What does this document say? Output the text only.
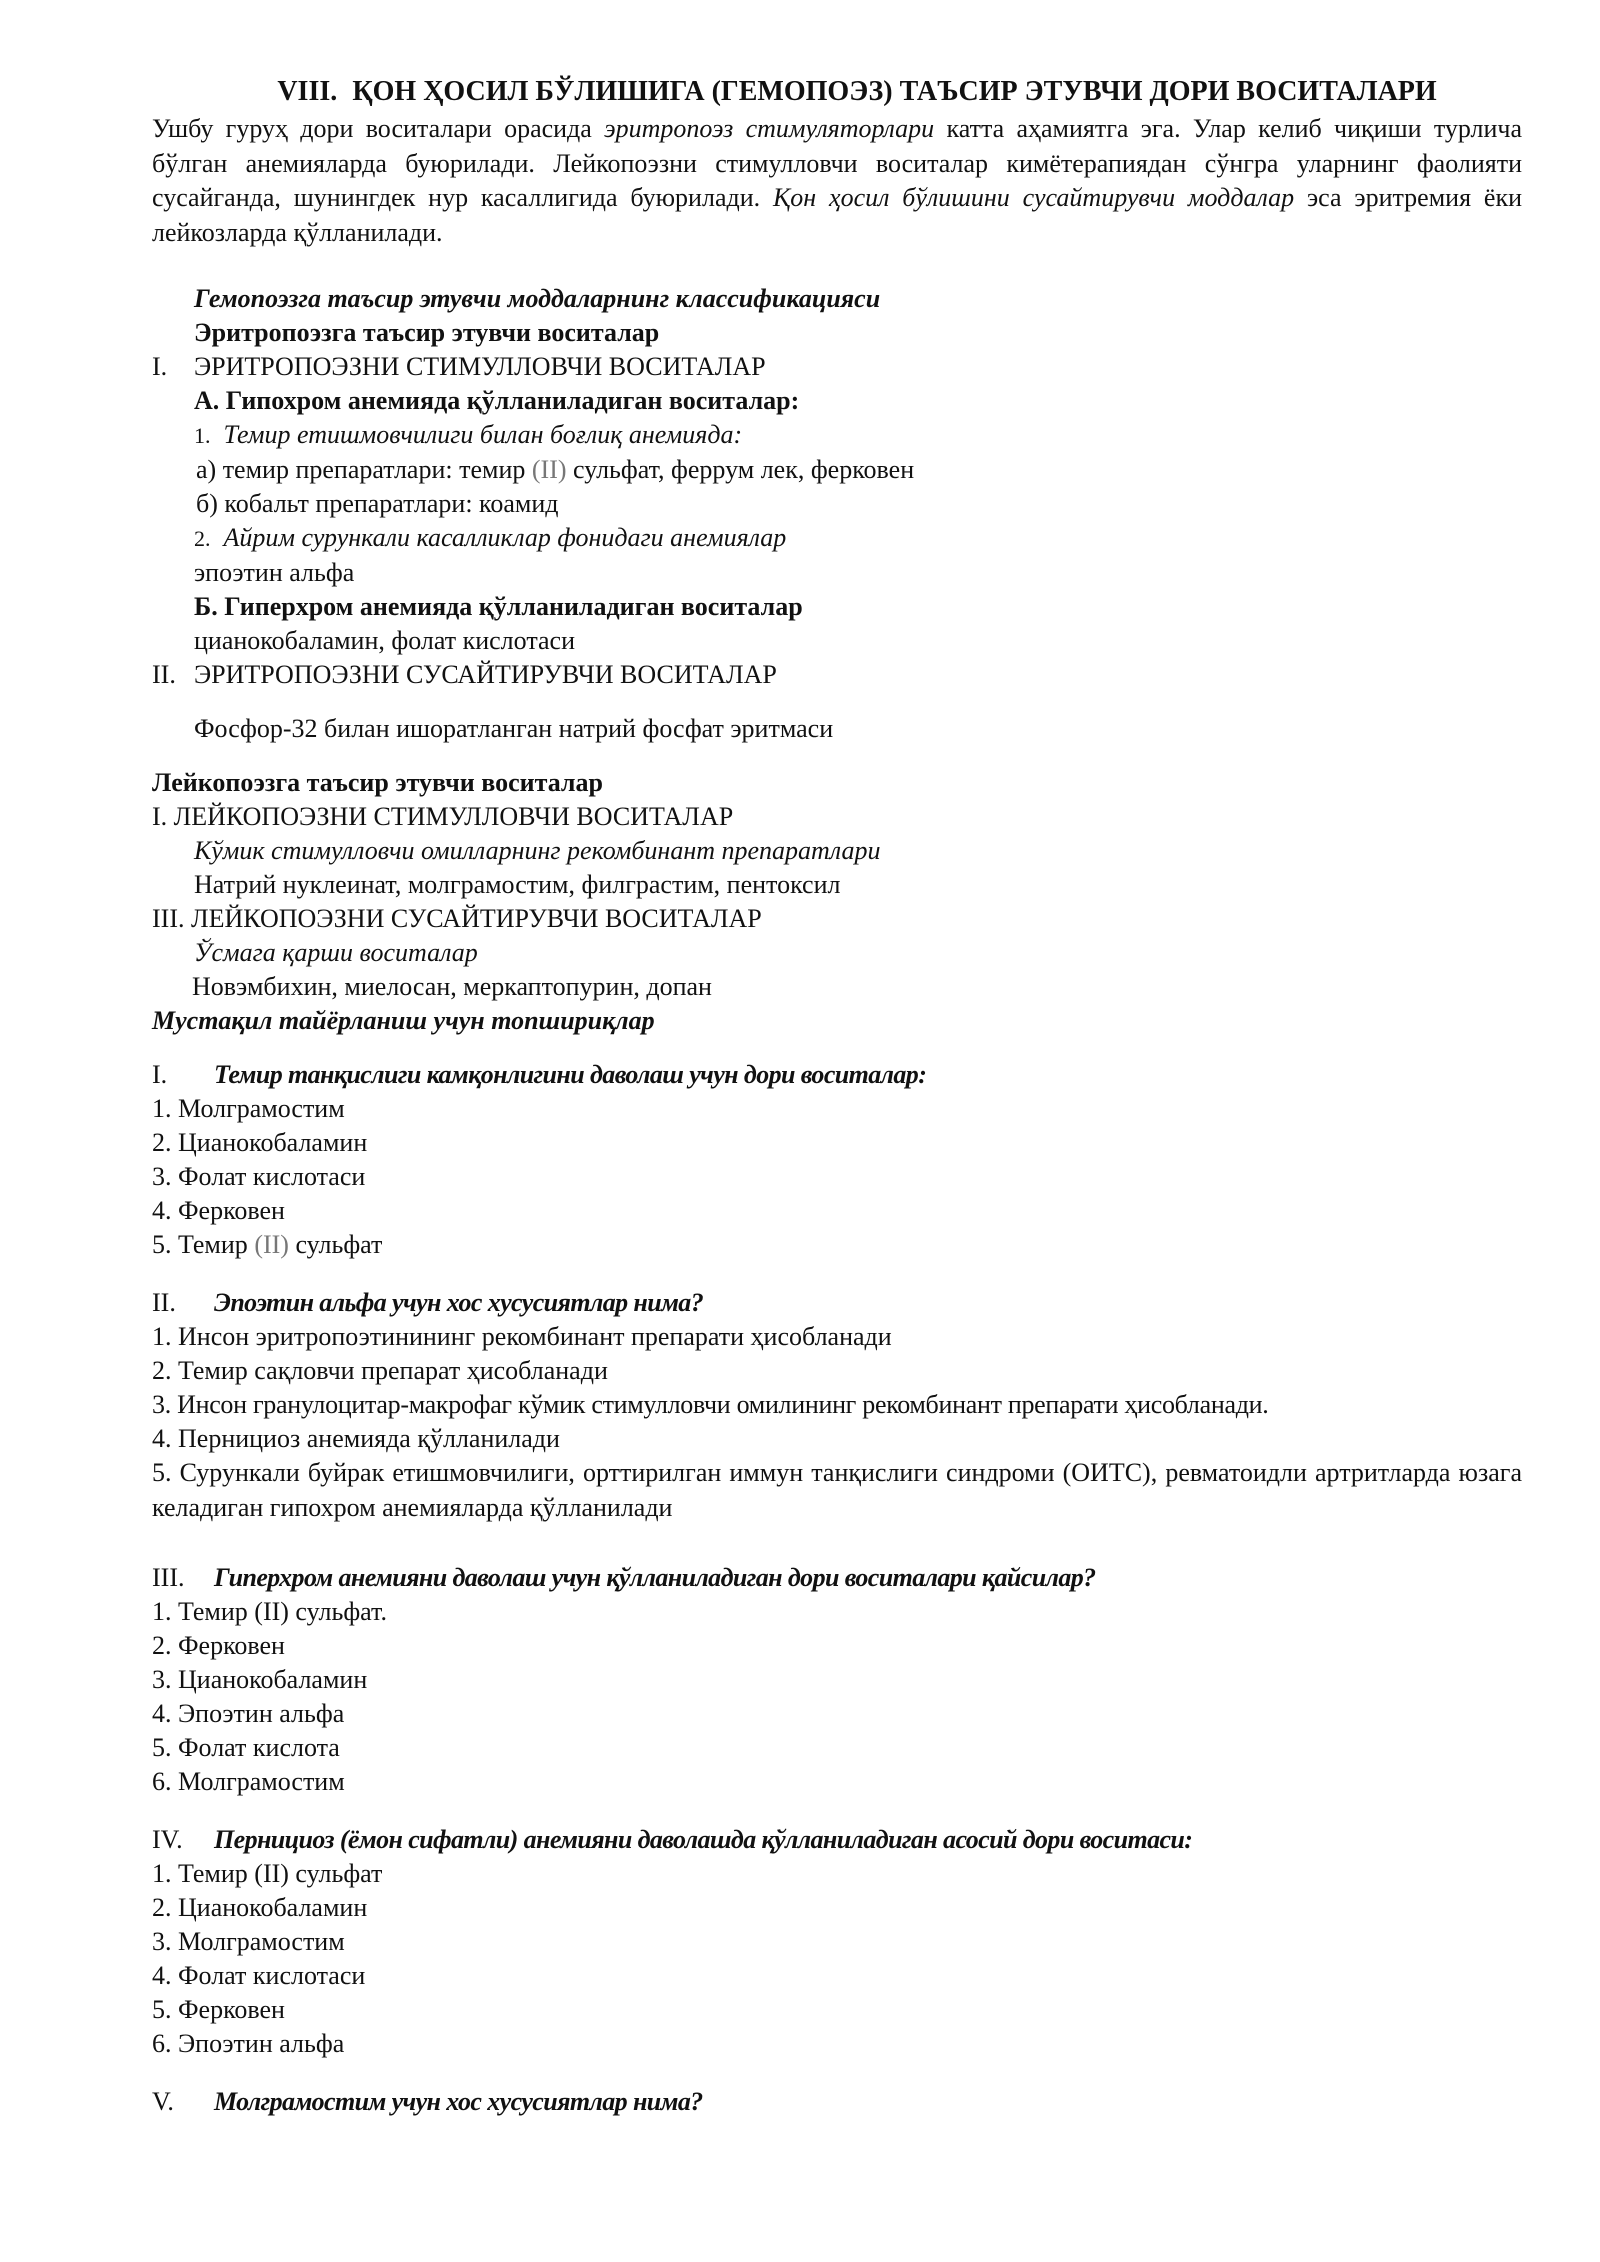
VIII. ҚОН ҲОСИЛ БЎЛИШИГА (ГЕМОПОЭЗ) ТАЪСИР ЭТУВЧИ ДОРИ ВОСИТАЛАРИ
Ушбу гуруҳ дори воситалари орасида эритропоэз стимуляторлари катта аҳамиятга эга. Улар келиб чиқиши турлича бўлган анемияларда буюрилади. Лейкопоэзни стимулловчи воситалар кимётерапиядан сўнгра уларнинг фаолияти сусайганда, шунингдек нур касаллигида буюрилади. Қон ҳосил бўлишини сусайтирувчи моддалар эса эритремия ёки лейкозларда қўлланилади.
Гемопоэзга таъсир этувчи моддаларнинг классификацияси
Эритропоэзга таъсир этувчи воситалар
I. ЭРИТРОПОЭЗНИ СТИМУЛЛОВЧИ ВОСИТАЛАР
А. Гипохром анемияда қўлланиладиган воситалар:
1. Темир етишмовчилиги билан боғлиқ анемияда:
а) темир препаратлари: темир (II) сульфат, феррум лек, ферковен
б) кобальт препаратлари: коамид
2. Айрим сурункали касалликлар фонидаги анемиялар
эпоэтин альфа
Б. Гиперхром анемияда қўлланиладиган воситалар
цианокобаламин, фолат кислотаси
II. ЭРИТРОПОЭЗНИ СУСАЙТИРУВЧИ ВОСИТАЛАР
Фосфор-32 билан ишоратланган натрий фосфат эритмаси
Лейкопоэзга таъсир этувчи воситалар
I. ЛЕЙКОПОЭЗНИ СТИМУЛЛОВЧИ ВОСИТАЛАР
Кўмик стимулловчи омилларнинг рекомбинант препаратлари
Натрий нуклеинат, молграмостим, филграстим, пентоксил
III. ЛЕЙКОПОЭЗНИ СУСАЙТИРУВЧИ ВОСИТАЛАР
Ўсмага қарши воситалар
Новэмбихин, миелосан, меркаптопурин, допан
Мустақил тайёрланиш учун топшириқлар
I. Темир танқислиги камқонлигини даволаш учун дори воситалар:
1. Молграмостим
2. Цианокобаламин
3. Фолат кислотаси
4. Ферковен
5. Темир (II) сульфат
II. Эпоэтин альфа учун хос хусусиятлар нима?
1. Инсон эритропоэтинининг рекомбинант препарати ҳисобланади
2. Темир сақловчи препарат ҳисобланади
3. Инсон гранулоцитар-макрофаг кўмик стимулловчи омилининг рекомбинант препарати ҳисобланади.
4. Пернициоз анемияда қўлланилади
5. Сурункали буйрак етишмовчилиги, орттирилган иммун танқислиги синдроми (ОИТС), ревматоидли артритларда юзага келадиган гипохром анемияларда қўлланилади
III. Гиперхром анемияни даволаш учун қўлланиладиган дори воситалари қайсилар?
1. Темир (II) сульфат.
2. Ферковен
3. Цианокобаламин
4. Эпоэтин альфа
5. Фолат кислота
6. Молграмостим
IV. Пернициоз (ёмон сифатли) анемияни даволашда қўлланиладиган асосий дори воситаси:
1. Темир (II) сульфат
2. Цианокобаламин
3. Молграмостим
4. Фолат кислотаси
5. Ферковен
6. Эпоэтин альфа
V. Молграмостим учун хос хусусиятлар нима?
